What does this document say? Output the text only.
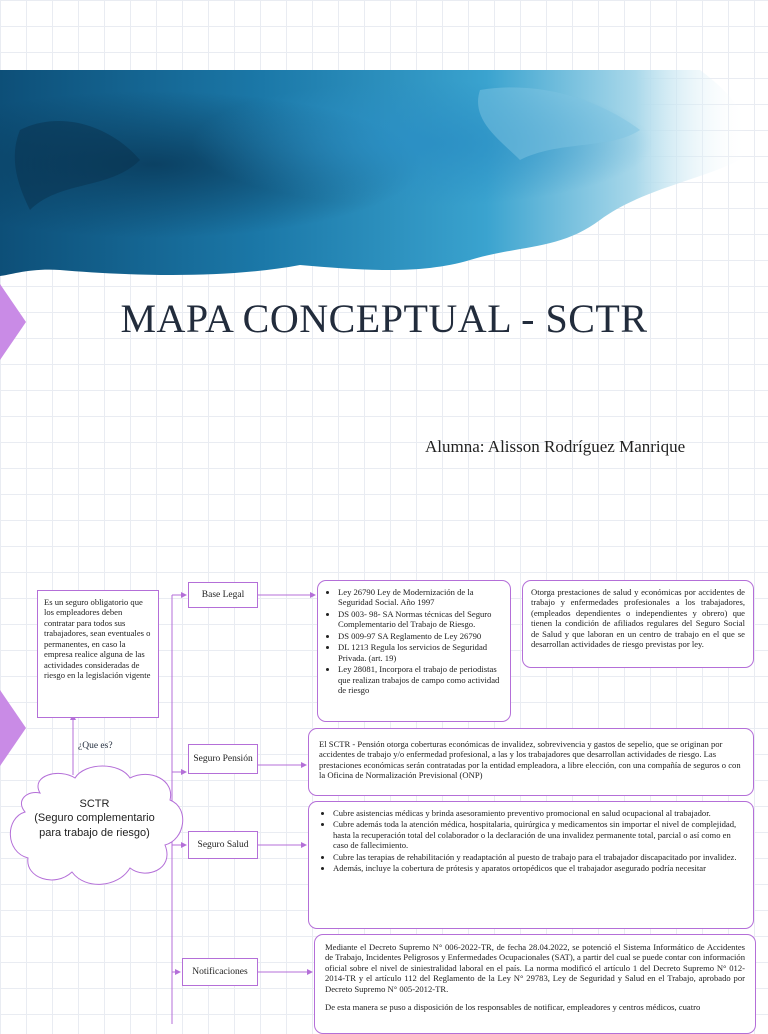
MAPA CONCEPTUAL - SCTR
Alumna: Alisson Rodríguez Manrique

Es un seguro obligatorio que los empleadores deben contratar para todos sus trabajadores, sean eventuales o permanentes, en caso la empresa realice alguna de las actividades consideradas de riesgo en la legislación vigente

¿Que es?
SCTR
(Seguro complementario para trabajo de riesgo)
Base Legal
Seguro Pensión
Seguro Salud
Notificaciones
• Ley 26790 Ley de Modernización de la Seguridad Social. Año 1997
• DS 003- 98- SA Normas técnicas del Seguro Complementario del Trabajo de Riesgo.
• DS 009-97 SA Reglamento de Ley 26790
• DL 1213 Regula los servicios de Seguridad Privada. (art. 19)
• Ley 28081, Incorpora el trabajo de periodistas que realizan trabajos de campo como actividad de riesgo

Otorga prestaciones de salud y económicas por accidentes de trabajo y enfermedades profesionales a los trabajadores, (empleados dependientes o independientes y obrero) que tienen la condición de afiliados regulares del Seguro Social de Salud y que laboran en un centro de trabajo en el que se desarrollan actividades de riesgo previstas por ley.

El SCTR - Pensión otorga coberturas económicas de invalidez, sobrevivencia y gastos de sepelio, que se originan por accidentes de trabajo y/o enfermedad profesional, a las y los trabajadores que desarrollan actividades de riesgo. Las prestaciones económicas serán contratadas por la entidad empleadora, a libre elección, con una compañía de seguros o con la Oficina de Normalización Previsional (ONP)

• Cubre asistencias médicas y brinda asesoramiento preventivo promocional en salud ocupacional al trabajador.
• Cubre además toda la atención médica, hospitalaria, quirúrgica y medicamentos sin importar el nivel de complejidad, hasta la recuperación total del colaborador o la declaración de una invalidez permanente total, parcial o así como en caso de fallecimiento.
• Cubre las terapias de rehabilitación y readaptación al puesto de trabajo para el trabajador discapacitado por invalidez.
• Además, incluye la cobertura de prótesis y aparatos ortopédicos que el trabajador asegurado podría necesitar

Mediante el Decreto Supremo N° 006-2022-TR, de fecha 28.04.2022, se potenció el Sistema Informático de Accidentes de Trabajo, Incidentes Peligrosos y Enfermedades Ocupacionales (SAT), a partir del cual se puede contar con información oficial sobre el nivel de siniestralidad laboral en el país. La norma modificó el artículo 1 del Decreto Supremo N° 012-2014-TR y el artículo 112 del Reglamento de la Ley N° 29783, Ley de Seguridad y Salud en el Trabajo, aprobado por Decreto Supremo N° 005-2012-TR.

De esta manera se puso a disposición de los responsables de notificar, empleadores y centros médicos, cuatro
